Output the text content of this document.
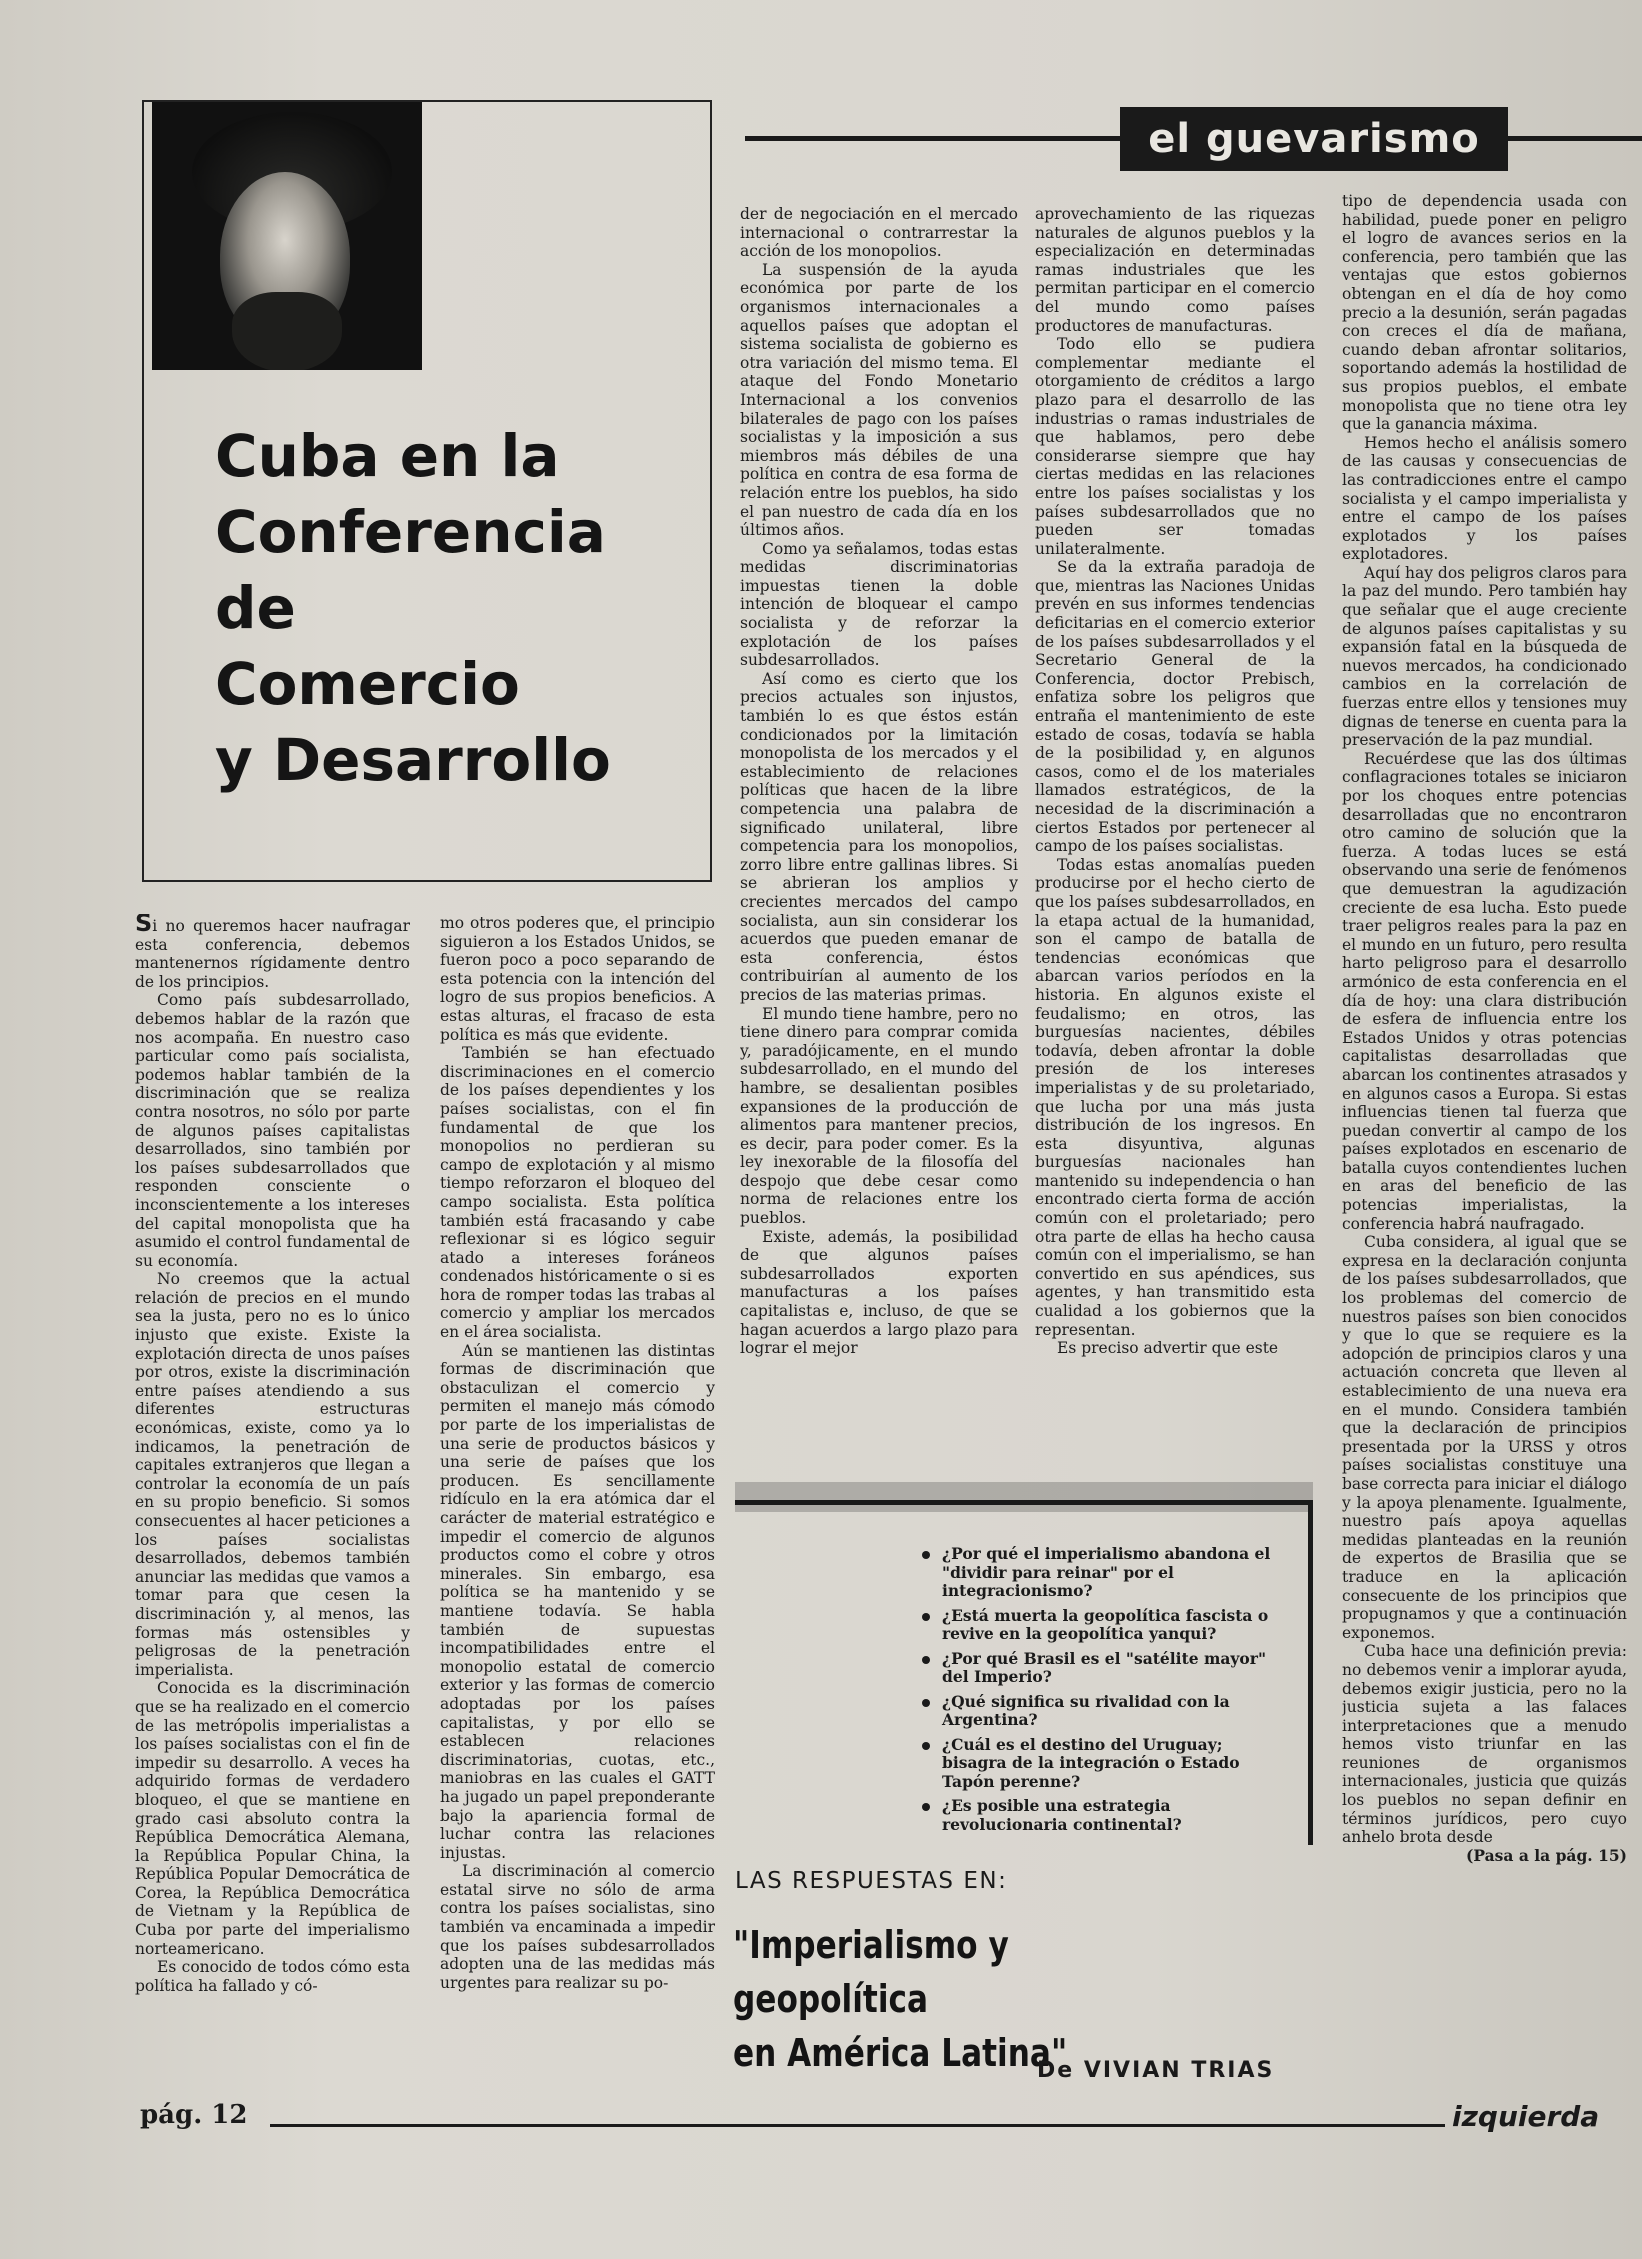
el guevarismo
Cuba en la
Conferencia
de
Comercio
y Desarrollo

Si no queremos hacer naufragar esta conferencia, debemos mantenernos rígidamente dentro de los principios.

Como país subdesarrollado, debemos hablar de la razón que nos acompaña. En nuestro caso particular como país socialista, podemos hablar también de la discriminación que se realiza contra nosotros, no sólo por parte de algunos países capitalistas desarrollados, sino también por los países subdesarrollados que responden consciente o inconscientemente a los intereses del capital monopolista que ha asumido el control fundamental de su economía.

No creemos que la actual relación de precios en el mundo sea la justa, pero no es lo único injusto que existe. Existe la explotación directa de unos países por otros, existe la discriminación entre países atendiendo a sus diferentes estructuras económicas, existe, como ya lo indicamos, la penetración de capitales extranjeros que llegan a controlar la economía de un país en su propio beneficio. Si somos consecuentes al hacer peticiones a los países socialistas desarrollados, debemos también anunciar las medidas que vamos a tomar para que cesen la discriminación y, al menos, las formas más ostensibles y peligrosas de la penetración imperialista.

Conocida es la discriminación que se ha realizado en el comercio de las metrópolis imperialistas a los países socialistas con el fin de impedir su desarrollo. A veces ha adquirido formas de verdadero bloqueo, el que se mantiene en grado casi absoluto contra la República Democrática Alemana, la República Popular China, la República Popular Democrática de Corea, la República Democrática de Vietnam y la República de Cuba por parte del imperialismo norteamericano.

Es conocido de todos cómo esta política ha fallado y có-

mo otros poderes que, el principio siguieron a los Estados Unidos, se fueron poco a poco separando de esta potencia con la intención del logro de sus propios beneficios. A estas alturas, el fracaso de esta política es más que evidente.

También se han efectuado discriminaciones en el comercio de los países dependientes y los países socialistas, con el fin fundamental de que los monopolios no perdieran su campo de explotación y al mismo tiempo reforzaron el bloqueo del campo socialista. Esta política también está fracasando y cabe reflexionar si es lógico seguir atado a intereses foráneos condenados históricamente o si es hora de romper todas las trabas al comercio y ampliar los mercados en el área socialista.

Aún se mantienen las distintas formas de discriminación que obstaculizan el comercio y permiten el manejo más cómodo por parte de los imperialistas de una serie de productos básicos y una serie de países que los producen. Es sencillamente ridículo en la era atómica dar el carácter de material estratégico e impedir el comercio de algunos productos como el cobre y otros minerales. Sin embargo, esa política se ha mantenido y se mantiene todavía. Se habla también de supuestas incompatibilidades entre el monopolio estatal de comercio exterior y las formas de comercio adoptadas por los países capitalistas, y por ello se establecen relaciones discriminatorias, cuotas, etc., maniobras en las cuales el GATT ha jugado un papel preponderante bajo la apariencia formal de luchar contra las relaciones injustas.

La discriminación al comercio estatal sirve no sólo de arma contra los países socialistas, sino también va encaminada a impedir que los países subdesarrollados adopten una de las medidas más urgentes para realizar su po-

der de negociación en el mercado internacional o contrarrestar la acción de los monopolios.

La suspensión de la ayuda económica por parte de los organismos internacionales a aquellos países que adoptan el sistema socialista de gobierno es otra variación del mismo tema. El ataque del Fondo Monetario Internacional a los convenios bilaterales de pago con los países socialistas y la imposición a sus miembros más débiles de una política en contra de esa forma de relación entre los pueblos, ha sido el pan nuestro de cada día en los últimos años.

Como ya señalamos, todas estas medidas discriminatorias impuestas tienen la doble intención de bloquear el campo socialista y de reforzar la explotación de los países subdesarrollados.

Así como es cierto que los precios actuales son injustos, también lo es que éstos están condicionados por la limitación monopolista de los mercados y el establecimiento de relaciones políticas que hacen de la libre competencia una palabra de significado unilateral, libre competencia para los monopolios, zorro libre entre gallinas libres. Si se abrieran los amplios y crecientes mercados del campo socialista, aun sin considerar los acuerdos que pueden emanar de esta conferencia, éstos contribuirían al aumento de los precios de las materias primas.

El mundo tiene hambre, pero no tiene dinero para comprar comida y, paradójicamente, en el mundo subdesarrollado, en el mundo del hambre, se desalientan posibles expansiones de la producción de alimentos para mantener precios, es decir, para poder comer. Es la ley inexorable de la filosofía del despojo que debe cesar como norma de relaciones entre los pueblos.

Existe, además, la posibilidad de que algunos países subdesarrollados exporten manufacturas a los países capitalistas e, incluso, de que se hagan acuerdos a largo plazo para lograr el mejor

aprovechamiento de las riquezas naturales de algunos pueblos y la especialización en determinadas ramas industriales que les permitan participar en el comercio del mundo como países productores de manufacturas.

Todo ello se pudiera complementar mediante el otorgamiento de créditos a largo plazo para el desarrollo de las industrias o ramas industriales de que hablamos, pero debe considerarse siempre que hay ciertas medidas en las relaciones entre los países socialistas y los países subdesarrollados que no pueden ser tomadas unilateralmente.

Se da la extraña paradoja de que, mientras las Naciones Unidas prevén en sus informes tendencias deficitarias en el comercio exterior de los países subdesarrollados y el Secretario General de la Conferencia, doctor Prebisch, enfatiza sobre los peligros que entraña el mantenimiento de este estado de cosas, todavía se habla de la posibilidad y, en algunos casos, como el de los materiales llamados estratégicos, de la necesidad de la discriminación a ciertos Estados por pertenecer al campo de los países socialistas.

Todas estas anomalías pueden producirse por el hecho cierto de que los países subdesarrollados, en la etapa actual de la humanidad, son el campo de batalla de tendencias económicas que abarcan varios períodos en la historia. En algunos existe el feudalismo; en otros, las burguesías nacientes, débiles todavía, deben afrontar la doble presión de los intereses imperialistas y de su proletariado, que lucha por una más justa distribución de los ingresos. En esta disyuntiva, algunas burguesías nacionales han mantenido su independencia o han encontrado cierta forma de acción común con el proletariado; pero otra parte de ellas ha hecho causa común con el imperialismo, se han convertido en sus apéndices, sus agentes, y han transmitido esta cualidad a los gobiernos que la representan.

Es preciso advertir que este

tipo de dependencia usada con habilidad, puede poner en peligro el logro de avances serios en la conferencia, pero también que las ventajas que estos gobiernos obtengan en el día de hoy como precio a la desunión, serán pagadas con creces el día de mañana, cuando deban afrontar solitarios, soportando además la hostilidad de sus propios pueblos, el embate monopolista que no tiene otra ley que la ganancia máxima.

Hemos hecho el análisis somero de las causas y consecuencias de las contradicciones entre el campo socialista y el campo imperialista y entre el campo de los países explotados y los países explotadores.

Aquí hay dos peligros claros para la paz del mundo. Pero también hay que señalar que el auge creciente de algunos países capitalistas y su expansión fatal en la búsqueda de nuevos mercados, ha condicionado cambios en la correlación de fuerzas entre ellos y tensiones muy dignas de tenerse en cuenta para la preservación de la paz mundial.

Recuérdese que las dos últimas conflagraciones totales se iniciaron por los choques entre potencias desarrolladas que no encontraron otro camino de solución que la fuerza. A todas luces se está observando una serie de fenómenos que demuestran la agudización creciente de esa lucha. Esto puede traer peligros reales para la paz en el mundo en un futuro, pero resulta harto peligroso para el desarrollo armónico de esta conferencia en el día de hoy: una clara distribución de esfera de influencia entre los Estados Unidos y otras potencias capitalistas desarrolladas que abarcan los continentes atrasados y en algunos casos a Europa. Si estas influencias tienen tal fuerza que puedan convertir al campo de los países explotados en escenario de batalla cuyos contendientes luchen en aras del beneficio de las potencias imperialistas, la conferencia habrá naufragado.

Cuba considera, al igual que se expresa en la declaración conjunta de los países subdesarrollados, que los problemas del comercio de nuestros países son bien conocidos y que lo que se requiere es la adopción de principios claros y una actuación concreta que lleven al establecimiento de una nueva era en el mundo. Considera también que la declaración de principios presentada por la URSS y otros países socialistas constituye una base correcta para iniciar el diálogo y la apoya plenamente. Igualmente, nuestro país apoya aquellas medidas planteadas en la reunión de expertos de Brasilia que se traduce en la aplicación consecuente de los principios que propugnamos y que a continuación exponemos.

Cuba hace una definición previa: no debemos venir a implorar ayuda, debemos exigir justicia, pero no la justicia sujeta a las falaces interpretaciones que a menudo hemos visto triunfar en las reuniones de organismos internacionales, justicia que quizás los pueblos no sepan definir en términos jurídicos, pero cuyo anhelo brota desde

(Pasa a la pág. 15)

¿Por qué el imperialismo abandona el "dividir para reinar" por el integracionismo?
¿Está muerta la geopolítica fascista o revive en la geopolítica yanqui?
¿Por qué Brasil es el "satélite mayor" del Imperio?
¿Qué significa su rivalidad con la Argentina?
¿Cuál es el destino del Uruguay; bisagra de la integración o Estado Tapón perenne?
¿Es posible una estrategia revolucionaria continental?
LAS RESPUESTAS EN:
"Imperialismo y geopolítica
en América Latina"
De VIVIAN TRIAS
pág. 12	izquierda
